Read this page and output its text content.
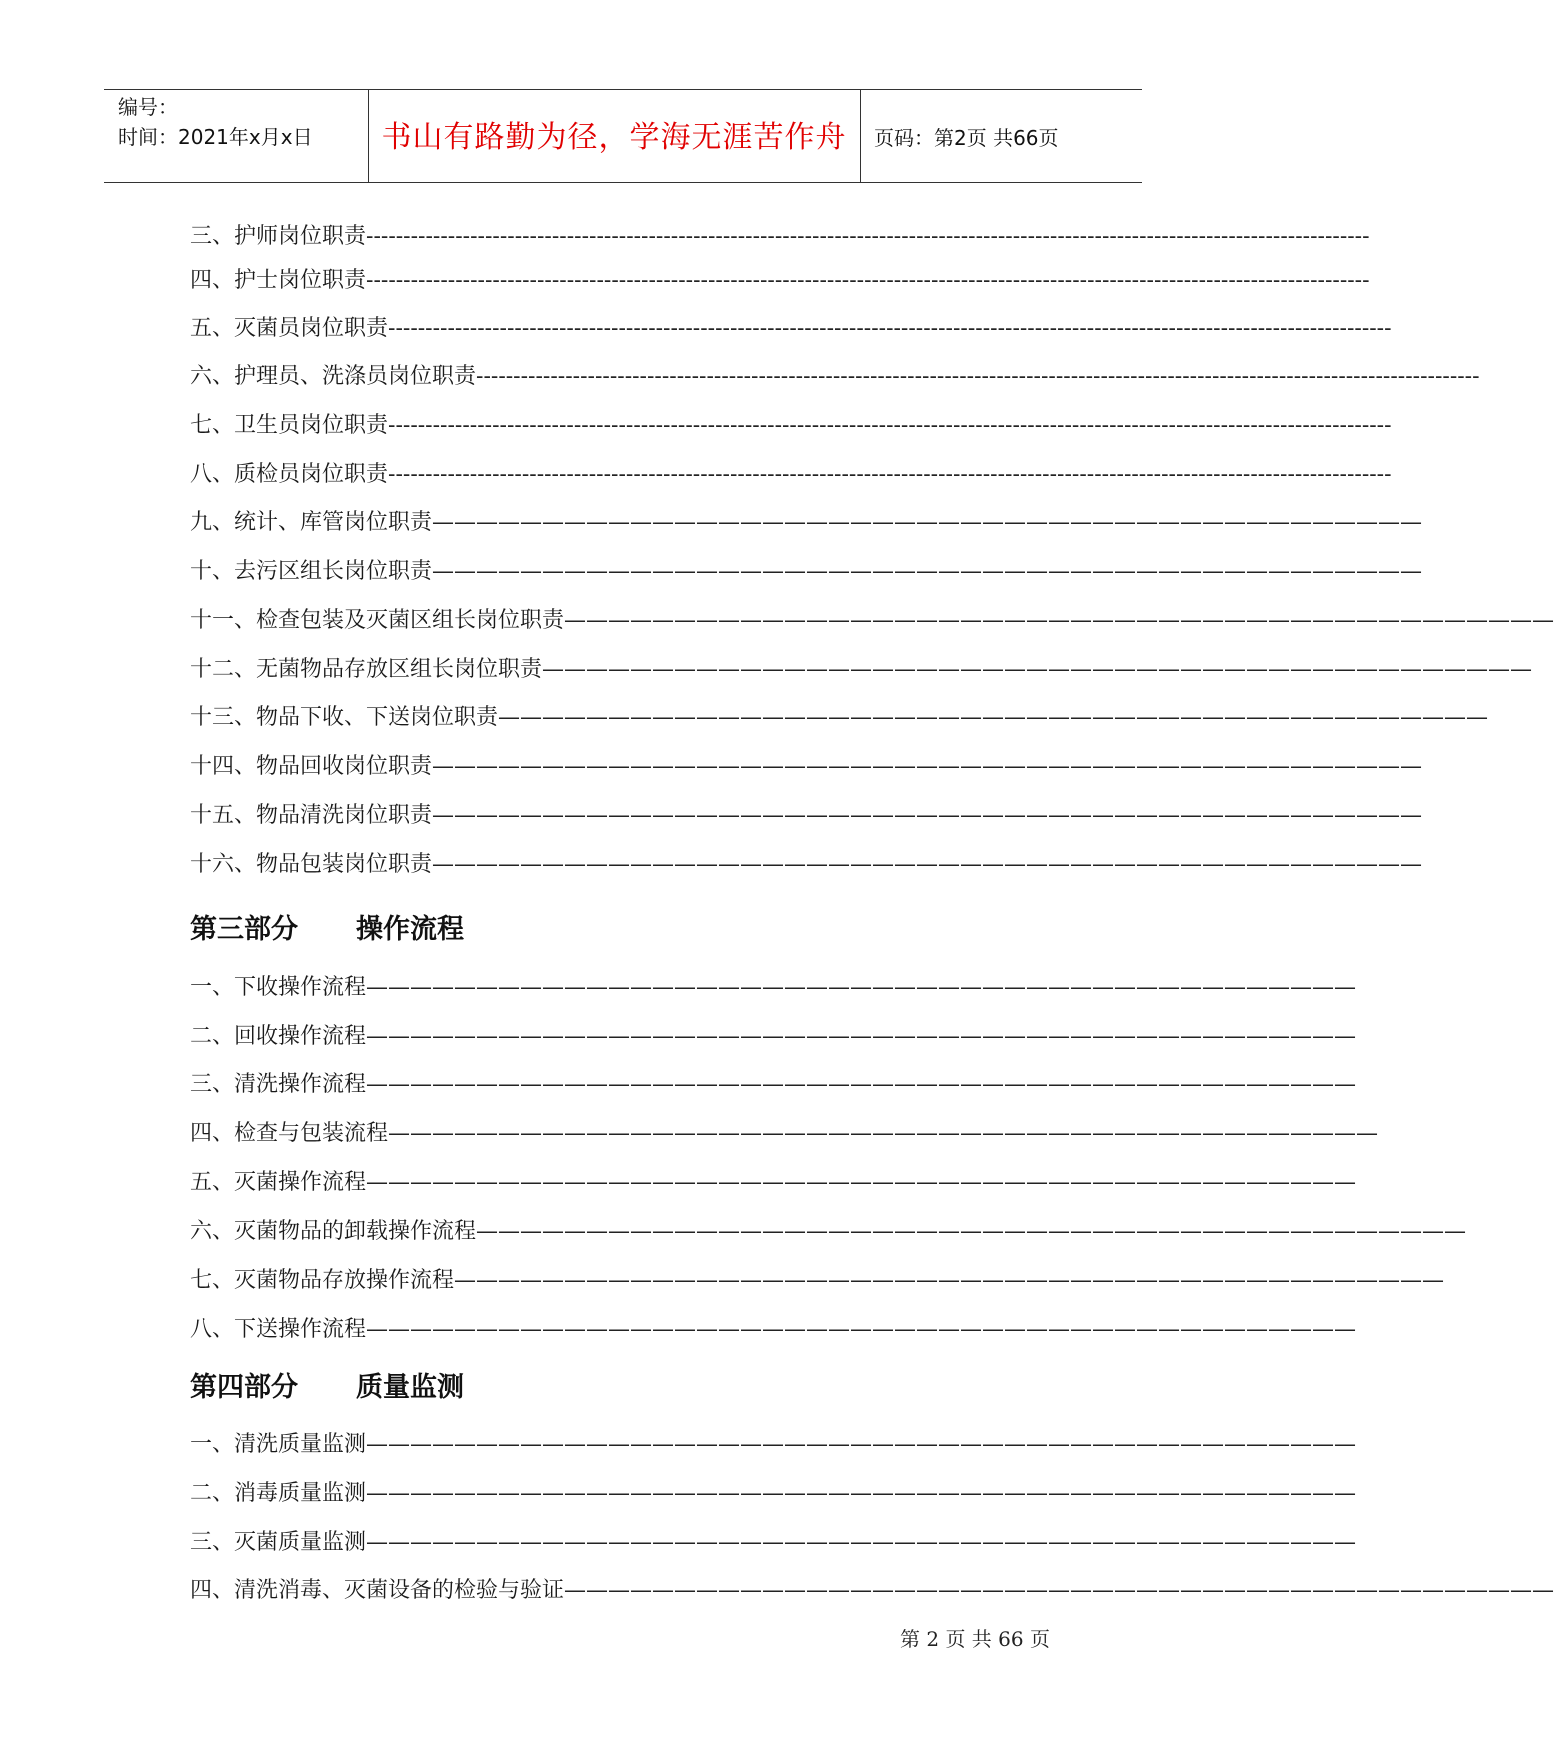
编号：
时间：2021年x月x日	书山有路勤为径，学海无涯苦作舟	页码：第2页 共66页
三、护师岗位职责---------------------------------------------------------------------------------------------------------------------------------------
四、护士岗位职责---------------------------------------------------------------------------------------------------------------------------------------
五、灭菌员岗位职责---------------------------------------------------------------------------------------------------------------------------------------
六、护理员、洗涤员岗位职责---------------------------------------------------------------------------------------------------------------------------------------
七、卫生员岗位职责---------------------------------------------------------------------------------------------------------------------------------------
八、质检员岗位职责---------------------------------------------------------------------------------------------------------------------------------------
九、统计、库管岗位职责—————————————————————————————————————————————
十、去污区组长岗位职责—————————————————————————————————————————————
十一、检查包装及灭菌区组长岗位职责—————————————————————————————————————————————
十二、无菌物品存放区组长岗位职责—————————————————————————————————————————————
十三、物品下收、下送岗位职责—————————————————————————————————————————————
十四、物品回收岗位职责—————————————————————————————————————————————
十五、物品清洗岗位职责—————————————————————————————————————————————
十六、物品包装岗位职责—————————————————————————————————————————————
第三部分 操作流程
一、下收操作流程—————————————————————————————————————————————
二、回收操作流程—————————————————————————————————————————————
三、清洗操作流程—————————————————————————————————————————————
四、检查与包装流程—————————————————————————————————————————————
五、灭菌操作流程—————————————————————————————————————————————
六、灭菌物品的卸载操作流程—————————————————————————————————————————————
七、灭菌物品存放操作流程—————————————————————————————————————————————
八、下送操作流程—————————————————————————————————————————————
第四部分 质量监测
一、清洗质量监测—————————————————————————————————————————————
二、消毒质量监测—————————————————————————————————————————————
三、灭菌质量监测—————————————————————————————————————————————
四、清洗消毒、灭菌设备的检验与验证—————————————————————————————————————————————
第 2 页 共 66 页
